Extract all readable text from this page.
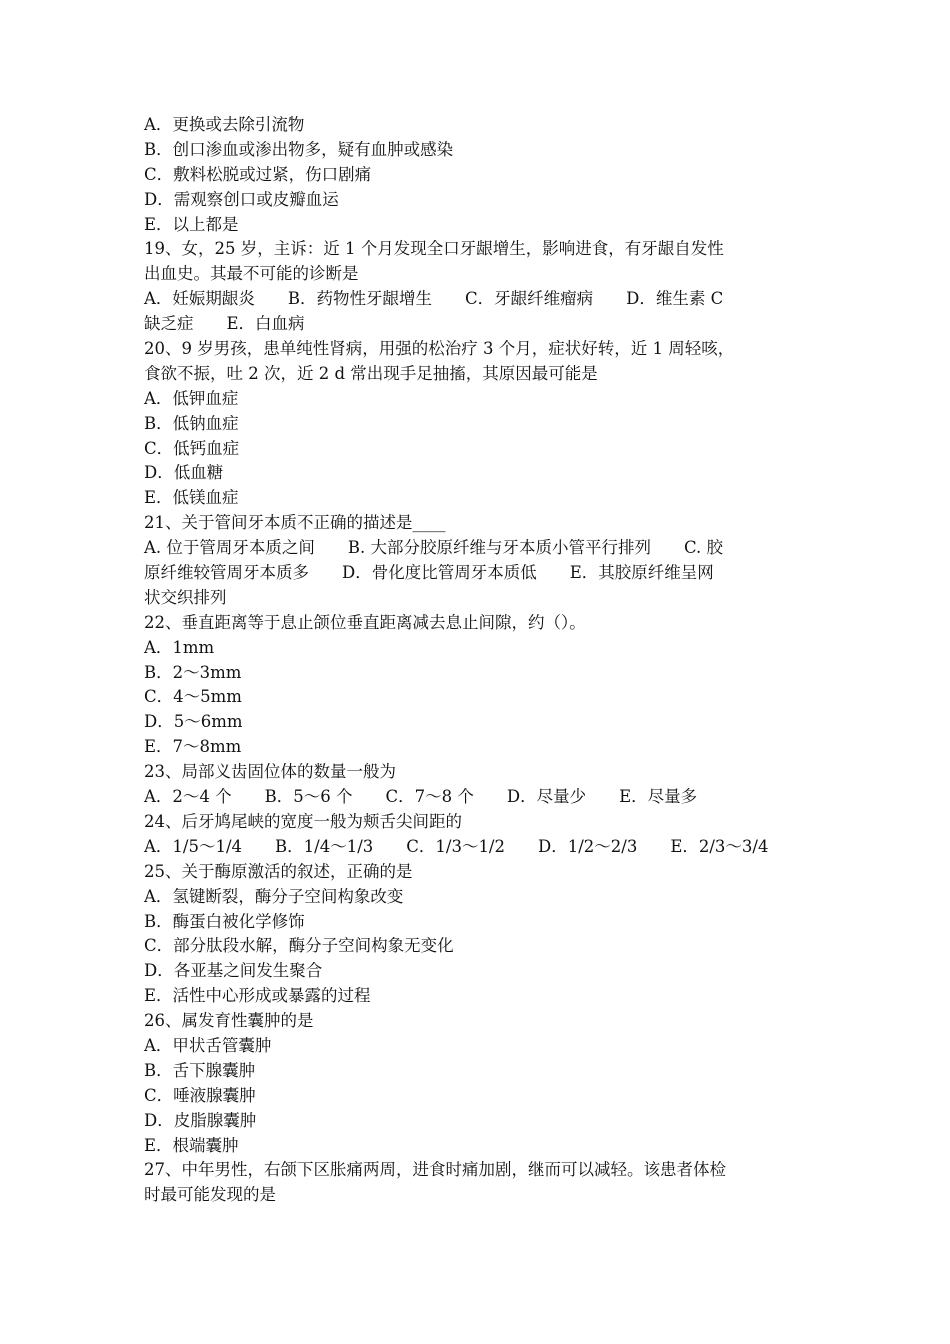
A．更换或去除引流物
B．创口渗血或渗出物多，疑有血肿或感染
C．敷料松脱或过紧，伤口剧痛
D．需观察创口或皮瓣血运
E．以上都是
19、女，25 岁，主诉：近 1 个月发现全口牙龈增生，影响进食，有牙龈自发性
出血史。其最不可能的诊断是
A．妊娠期龈炎　　B．药物性牙龈增生　　C．牙龈纤维瘤病　　D．维生素 C
缺乏症　　E．白血病
20、9 岁男孩，患单纯性肾病，用强的松治疗 3 个月，症状好转，近 1 周轻咳，
食欲不振，吐 2 次，近 2 d 常出现手足抽搐，其原因最可能是
A．低钾血症
B．低钠血症
C．低钙血症
D．低血糖
E．低镁血症
21、关于管间牙本质不正确的描述是____
A. 位于管周牙本质之间　　B. 大部分胶原纤维与牙本质小管平行排列　　C. 胶
原纤维较管周牙本质多　　D．骨化度比管周牙本质低　　E．其胶原纤维呈网
状交织排列
22、垂直距离等于息止颌位垂直距离减去息止间隙，约（）。
A．1mm
B．2～3mm
C．4～5mm
D．5～6mm
E．7～8mm
23、局部义齿固位体的数量一般为
A．2～4 个　　B．5～6 个　　C．7～8 个　　D．尽量少　　E．尽量多
24、后牙鸠尾峡的宽度一般为颊舌尖间距的
A．1/5～1/4　　B．1/4～1/3　　C．1/3～1/2　　D．1/2～2/3　　E．2/3～3/4
25、关于酶原激活的叙述，正确的是
A．氢键断裂，酶分子空间构象改变
B．酶蛋白被化学修饰
C．部分肽段水解，酶分子空间构象无变化
D．各亚基之间发生聚合
E．活性中心形成或暴露的过程
26、属发育性囊肿的是
A．甲状舌管囊肿
B．舌下腺囊肿
C．唾液腺囊肿
D．皮脂腺囊肿
E．根端囊肿
27、中年男性，右颌下区胀痛两周，进食时痛加剧，继而可以减轻。该患者体检
时最可能发现的是
